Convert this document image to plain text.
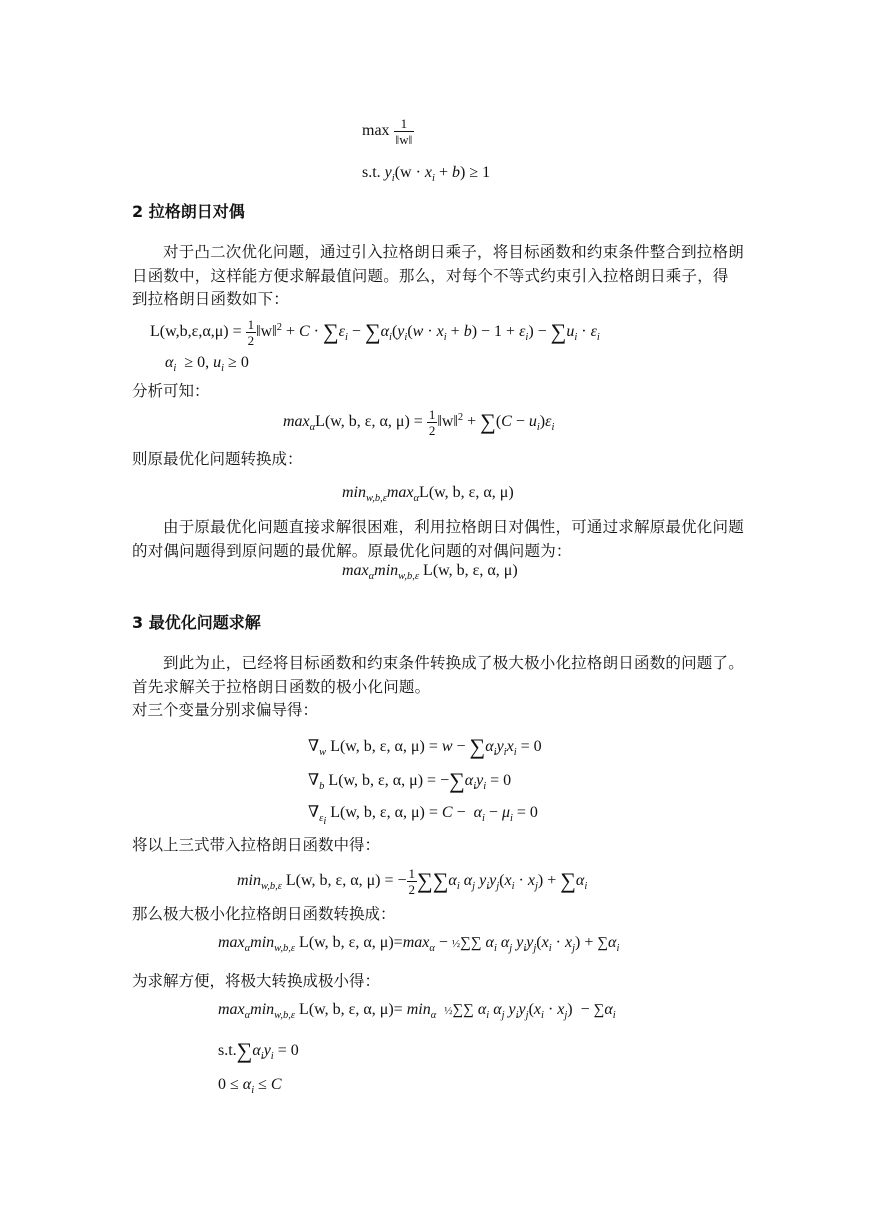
$\max \frac{1}{‖w‖}$
s.t. $y_i(w \cdot x_i + b) \ge 1$
2 拉格朗日对偶
对于凸二次优化问题，通过引入拉格朗日乘子，将目标函数和约束条件整合到拉格朗日函数中，这样能方便求解最值问题。那么，对每个不等式约束引入拉格朗日乘子，得到拉格朗日函数如下：
$L(w,b,\varepsilon,\alpha,\mu) = \frac{1}{2}$ ‖w‖$^2$ + $C \cdot \sum\varepsilon_i - \sum\alpha_i(y_i(w \cdot x_i + b) - 1 + \varepsilon_i) - \sum u_i \cdot \varepsilon_i$
$\alpha_i \ge 0$, $u_i \ge 0$
分析可知：
$\max_\alpha L(w$, b, ε, α, $\mu) = \frac{1}{2}$ ‖w‖$^2$ + $\sum(C - u_i)\varepsilon_i$
则原最优化问题转换成：
$\min_{w,b,\varepsilon}\max_\alpha L(w$, b, ε, α, μ)
由于原最优化问题直接求解很困难，利用拉格朗日对偶性，可通过求解原最优化问题的对偶问题得到原问题的最优解。原最优化问题的对偶问题为：
$\max_\alpha\min_{w,b,\varepsilon}$ L(w, b, ε, α, μ)
3 最优化问题求解
到此为止，已经将目标函数和约束条件转换成了极大极小化拉格朗日函数的问题了。首先求解关于拉格朗日函数的极小化问题。
对三个变量分别求偏导得：
$\nabla_w$ L(w, b, ε, α, $\mu) = w - \sum\alpha_iy_ix_i = 0$
$\nabla_b$ L(w, b, ε, α, $\mu) = -\sum\alpha_iy_i = 0$
$\nabla_{\varepsilon_i}$ L(w, b, ε, α, $\mu) = C - \alpha_i - \mu_i = 0$
将以上三式带入拉格朗日函数中得：
$\min_{w,b,\varepsilon} L(w$, b, ε, α, μ) = − $\frac{1}{2} \sum\sum\alpha_i$ $\alpha_j$ $y_iy_j(x_i \cdot x_j) + \sum\alpha_i$
那么极大极小化拉格朗日函数转换成：
$\max_\alpha\min_{w,b,\varepsilon}$ L(w, b, ε, α, $\mu)=\max_\alpha$ − ½∑∑ $\alpha_i$ $\alpha_j$ $y_iy_j(x_i \cdot x_j) + \sum\alpha_i$
为求解方便，将极大转换成极小得：
$\max_\alpha\min_{w,b,\varepsilon}$ L(w, b, ε, α, $\mu)= \min_\alpha$ ½∑∑ $\alpha_i$ $\alpha_j$ $y_iy_j(x_i \cdot x_j) - \sum\alpha_i$
$s.t.\sum\alpha_iy_i = 0$
$0 \le \alpha_i \le C$
